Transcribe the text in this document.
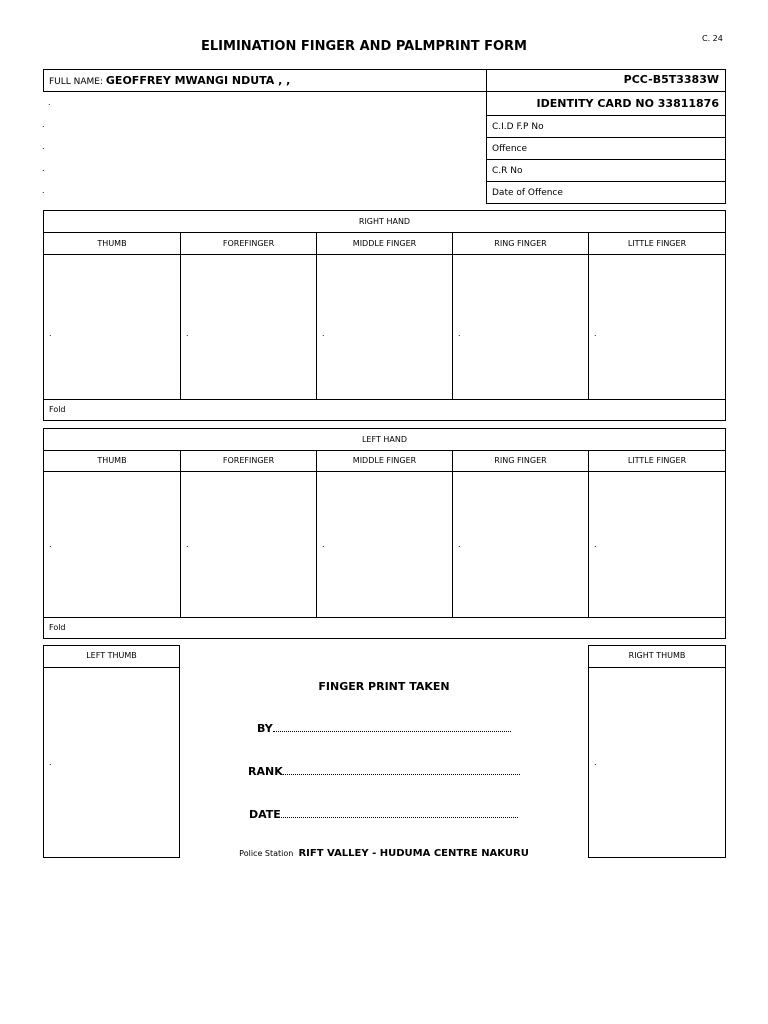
C. 24
ELIMINATION FINGER AND PALMPRINT FORM
FULL NAME: GEOFFREY MWANGI NDUTA , ,	PCC-B5T3383W
.
.
.
.
.
IDENTITY CARD NO 33811876
C.I.D F.P No
Offence
C.R No
Date of Offence
RIGHT HAND
THUMB
.
FOREFINGER
.
MIDDLE FINGER
.
RING FINGER
.
LITTLE FINGER
.
Fold
LEFT HAND
THUMB
.
FOREFINGER
.
MIDDLE FINGER
.
RING FINGER
.
LITTLE FINGER
.
Fold
LEFT THUMB
.
RIGHT THUMB
.
FINGER PRINT TAKEN
BY
RANK
DATE
Police Station RIFT VALLEY - HUDUMA CENTRE NAKURU
